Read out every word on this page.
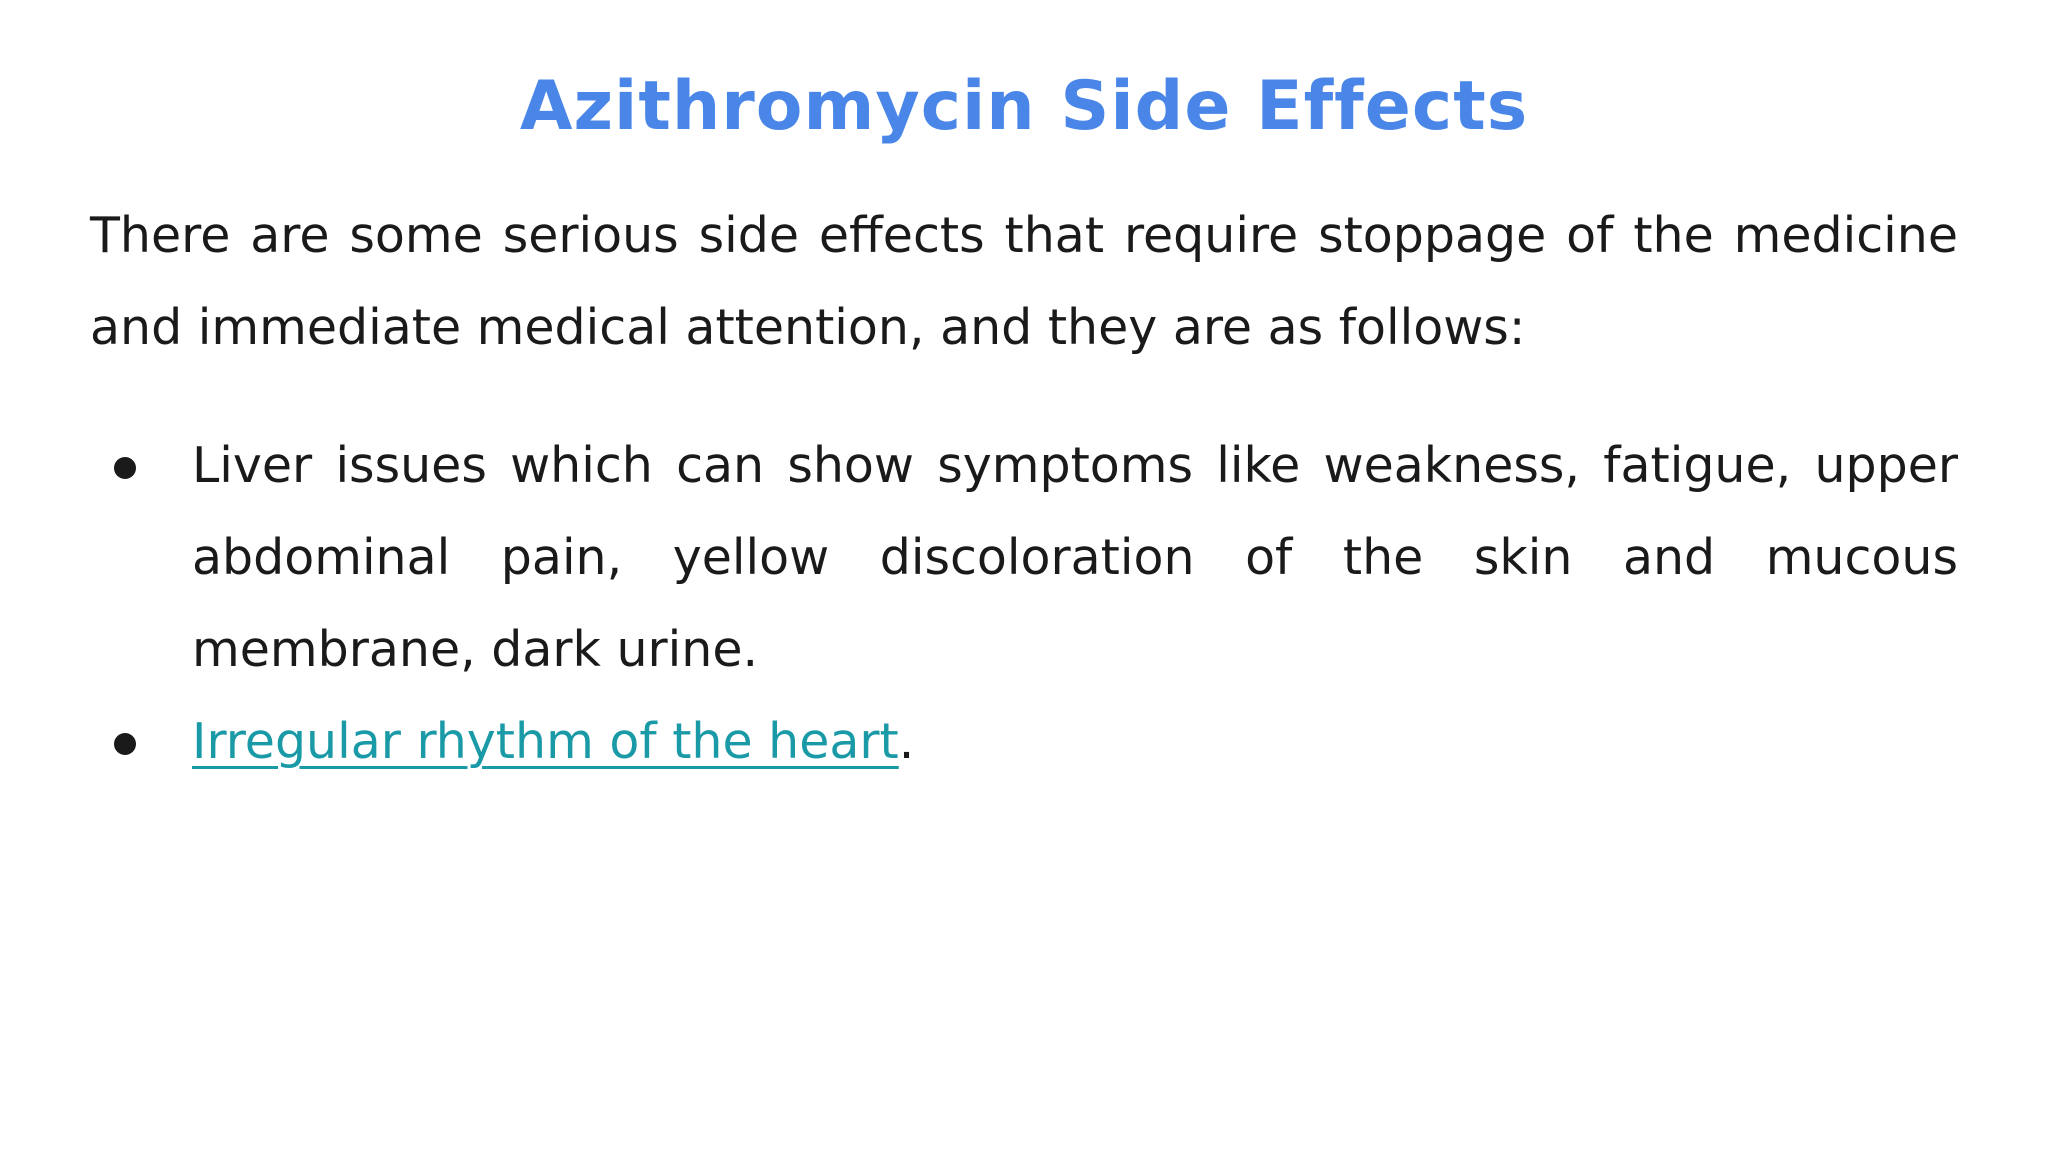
Azithromycin Side Effects

There are some serious side effects that require stoppage of the medicine and immediate medical attention, and they are as follows:

Liver issues which can show symptoms like weakness, fatigue, upper abdominal pain, yellow discoloration of the skin and mucous membrane, dark urine.
Irregular rhythm of the heart.
